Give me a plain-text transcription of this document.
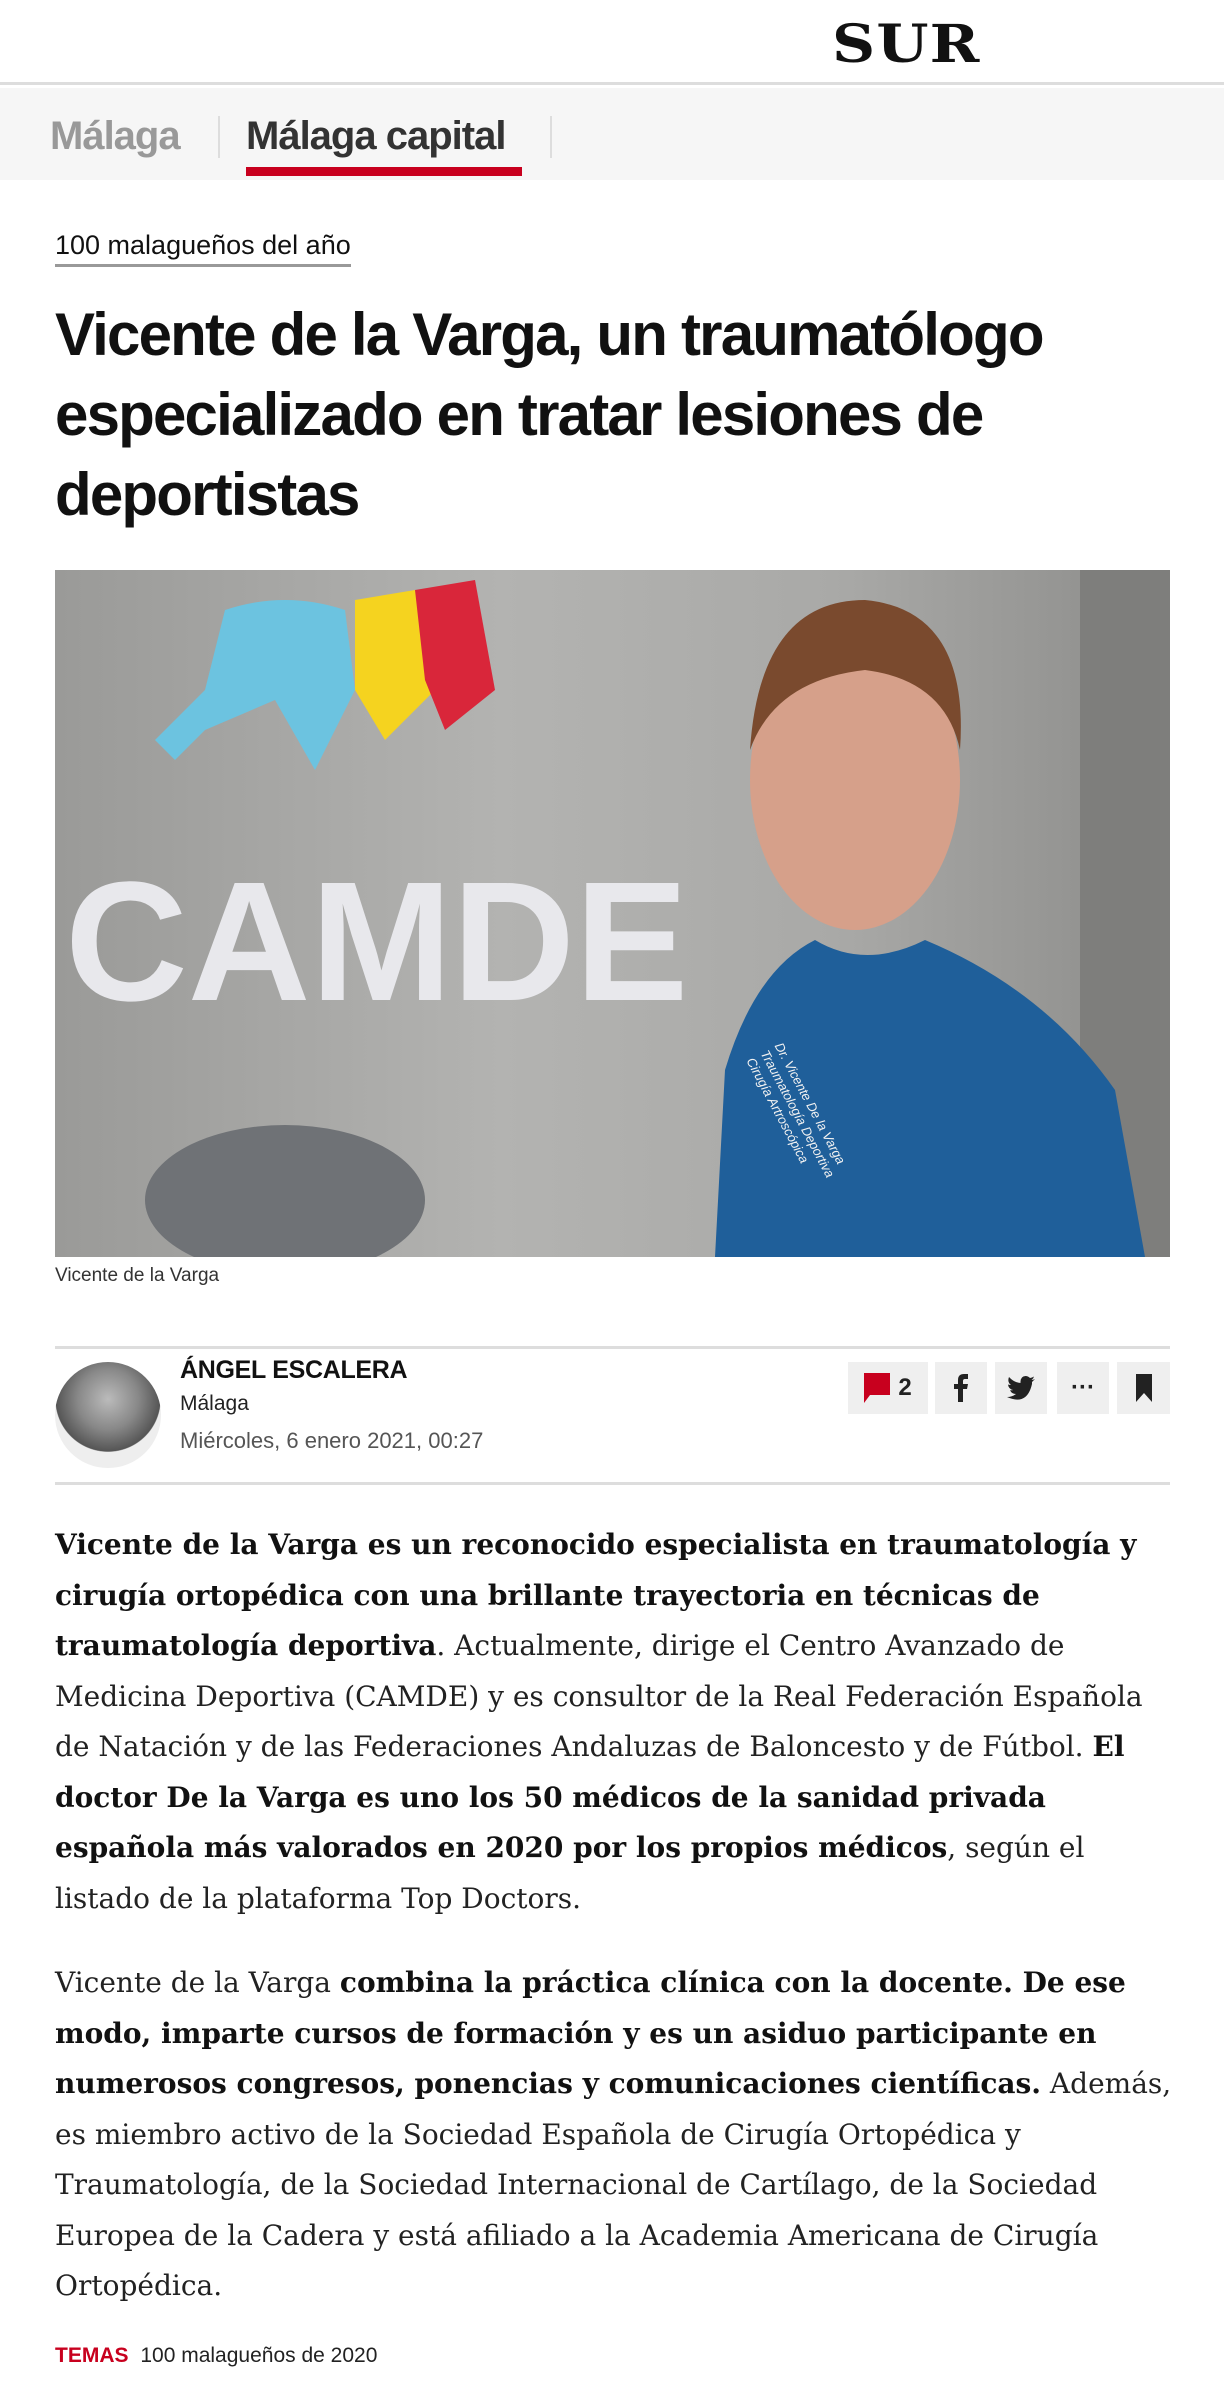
SUR
Málaga Málaga capital
100 malagueños del año
Vicente de la Varga, un traumatólogo especializado en tratar lesiones de deportistas
CAMDE
Dr. Vicente De la Varga Traumatología Deportiva Cirugía Artroscópica
Vicente de la Varga
ÁNGEL ESCALERA
Málaga
Miércoles, 6 enero 2021, 00:27
2	···
Vicente de la Varga es un reconocido especialista en traumatología y cirugía ortopédica con una brillante trayectoria en técnicas de traumatología deportiva. Actualmente, dirige el Centro Avanzado de Medicina Deportiva (CAMDE) y es consultor de la Real Federación Española de Natación y de las Federaciones Andaluzas de Baloncesto y de Fútbol. El doctor De la Varga es uno los 50 médicos de la sanidad privada española más valorados en 2020 por los propios médicos, según el listado de la plataforma Top Doctors.
Vicente de la Varga combina la práctica clínica con la docente. De ese modo, imparte cursos de formación y es un asiduo participante en numerosos congresos, ponencias y comunicaciones científicas. Además, es miembro activo de la Sociedad Española de Cirugía Ortopédica y Traumatología, de la Sociedad Internacional de Cartílago, de la Sociedad Europea de la Cadera y está afiliado a la Academia Americana de Cirugía Ortopédica.
TEMAS 100 malagueños de 2020
